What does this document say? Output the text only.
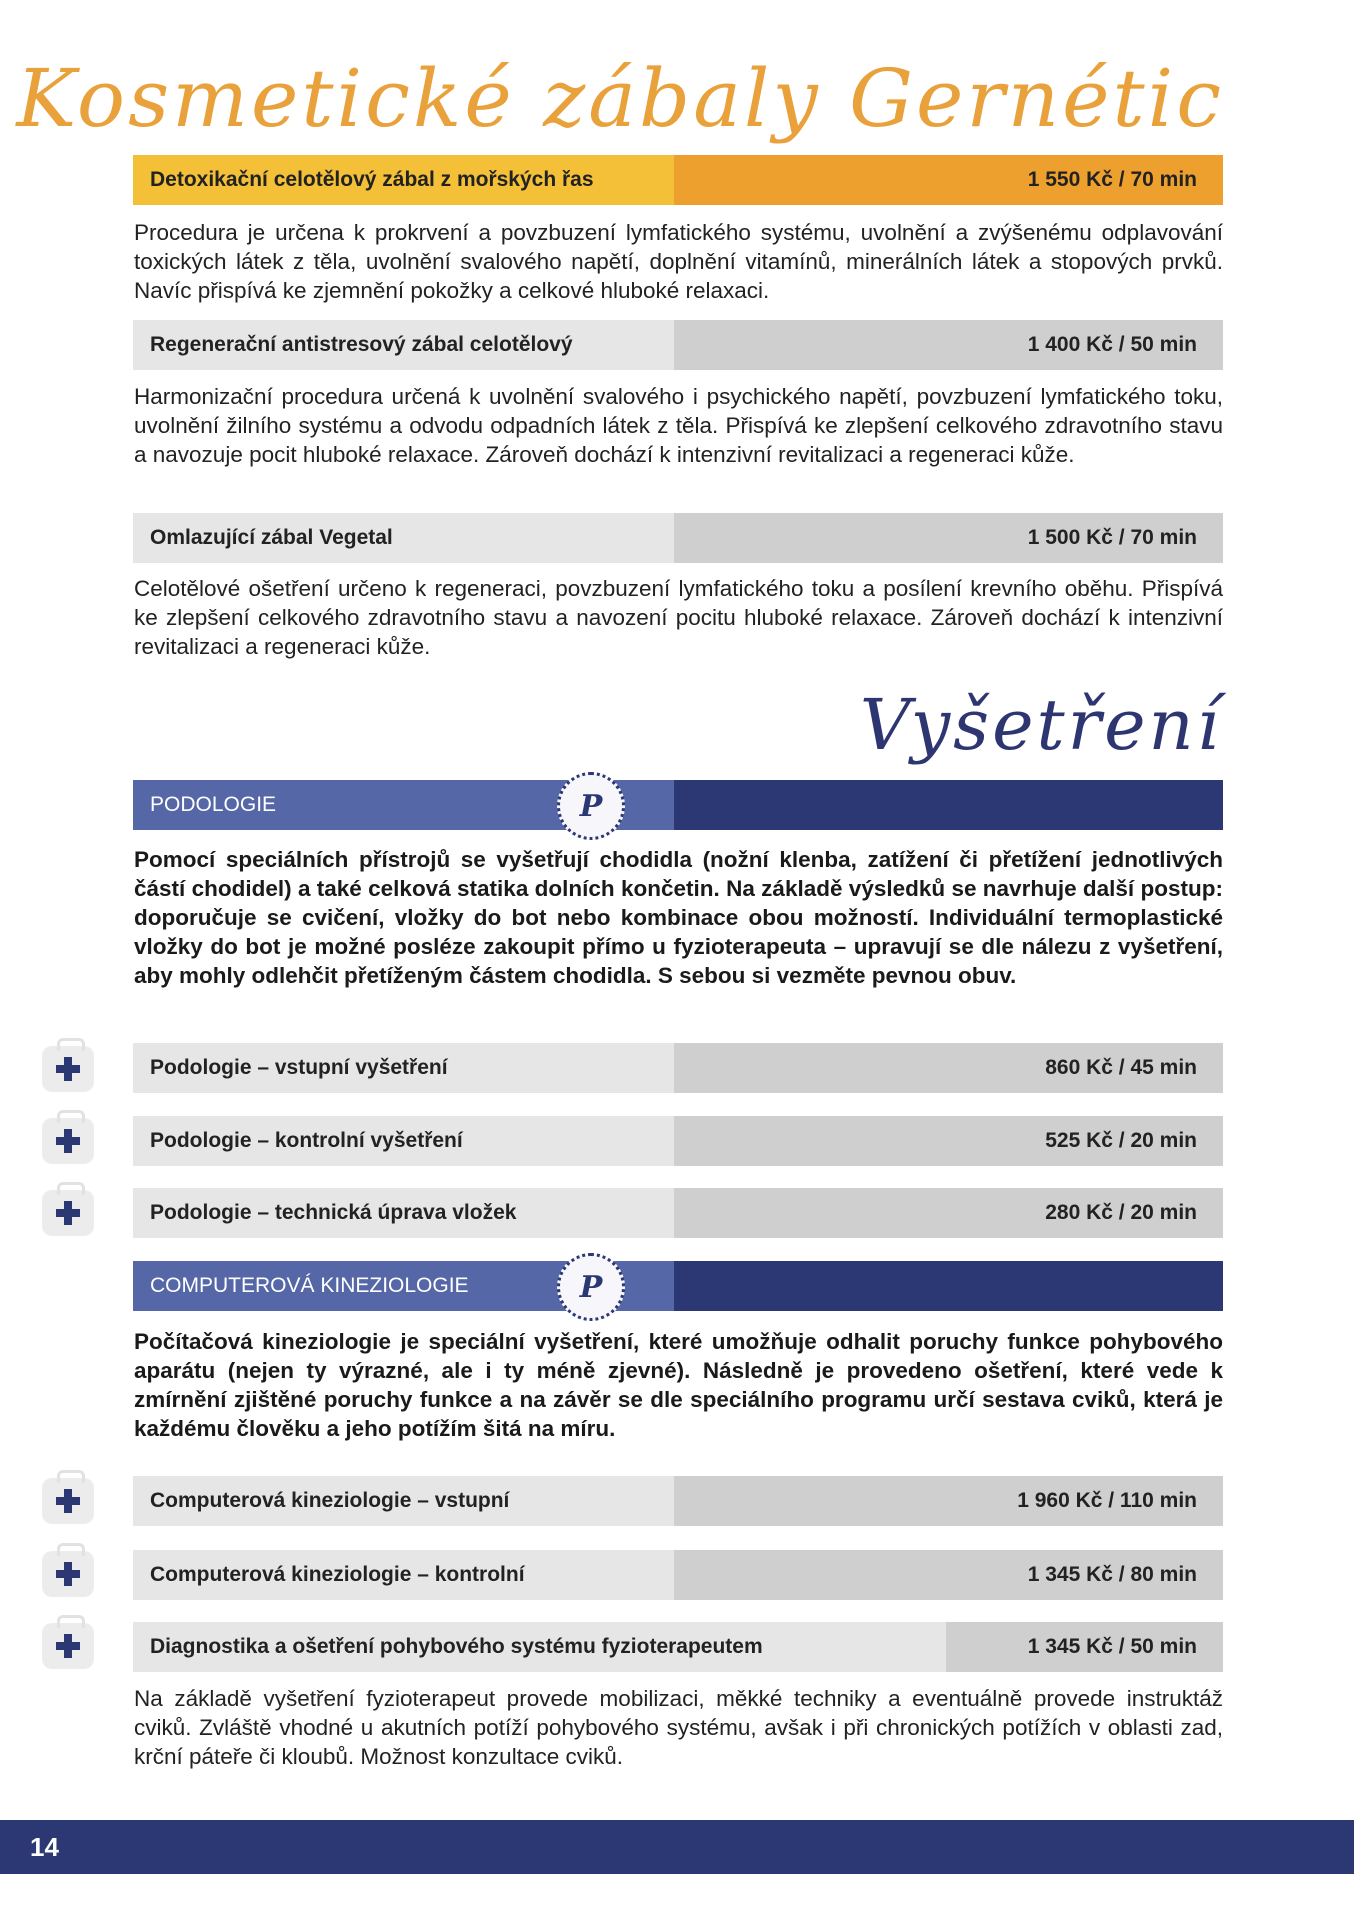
Kosmetické zábaly Gernétic
Detoxikační celotělový zábal z mořských řas	1 550 Kč / 70 min

Procedura je určena k prokrvení a povzbuzení lymfatického systému, uvolnění a zvýšenému odplavování toxických látek z těla, uvolnění svalového napětí, doplnění vitamínů, minerálních látek a stopových prvků. Navíc přispívá ke zjemnění pokožky a celkové hluboké relaxaci.

Regenerační antistresový zábal celotělový	1 400 Kč / 50 min

Harmonizační procedura určená k uvolnění svalového i psychického napětí, povzbuzení lymfatického toku, uvolnění žilního systému a odvodu odpadních látek z těla. Přispívá ke zlepšení celkového zdravotního stavu a navozuje pocit hluboké relaxace. Zároveň dochází k intenzivní revitalizaci a regeneraci kůže.

Omlazující zábal Vegetal	1 500 Kč / 70 min

Celotělové ošetření určeno k regeneraci, povzbuzení lymfatického toku a posílení krevního oběhu. Přispívá ke zlepšení celkového zdravotního stavu a navození pocitu hluboké relaxace. Zároveň dochází k intenzivní revitalizaci a regeneraci kůže.

Vyšetření
PODOLOGIE	P

Pomocí speciálních přístrojů se vyšetřují chodidla (nožní klenba, zatížení či přetížení jednotlivých částí chodidel) a také celková statika dolních končetin. Na základě výsledků se navrhuje další postup: doporučuje se cvičení, vložky do bot nebo kombinace obou možností. Individuální termoplastické vložky do bot je možné posléze zakoupit přímo u fyzioterapeuta – upravují se dle nálezu z vyšetření, aby mohly odlehčit přetíženým částem chodidla. S sebou si vezměte pevnou obuv.

Podologie – vstupní vyšetření	860 Kč / 45 min
Podologie – kontrolní vyšetření	525 Kč / 20 min
Podologie – technická úprava vložek	280 Kč / 20 min
COMPUTEROVÁ KINEZIOLOGIE	P

Počítačová kineziologie je speciální vyšetření, které umožňuje odhalit poruchy funkce pohybového aparátu (nejen ty výrazné, ale i ty méně zjevné). Následně je provedeno ošetření, které vede k zmírnění zjištěné poruchy funkce a na závěr se dle speciálního programu určí sestava cviků, která je každému člověku a jeho potížím šitá na míru.

Computerová kineziologie – vstupní	1 960 Kč / 110 min
Computerová kineziologie – kontrolní	1 345 Kč / 80 min
Diagnostika a ošetření pohybového systému fyzioterapeutem	1 345 Kč / 50 min

Na základě vyšetření fyzioterapeut provede mobilizaci, měkké techniky a eventuálně provede instruktáž cviků. Zvláště vhodné u akutních potíží pohybového systému, avšak i při chronických potížích v oblasti zad, krční páteře či kloubů. Možnost konzultace cviků.

14
